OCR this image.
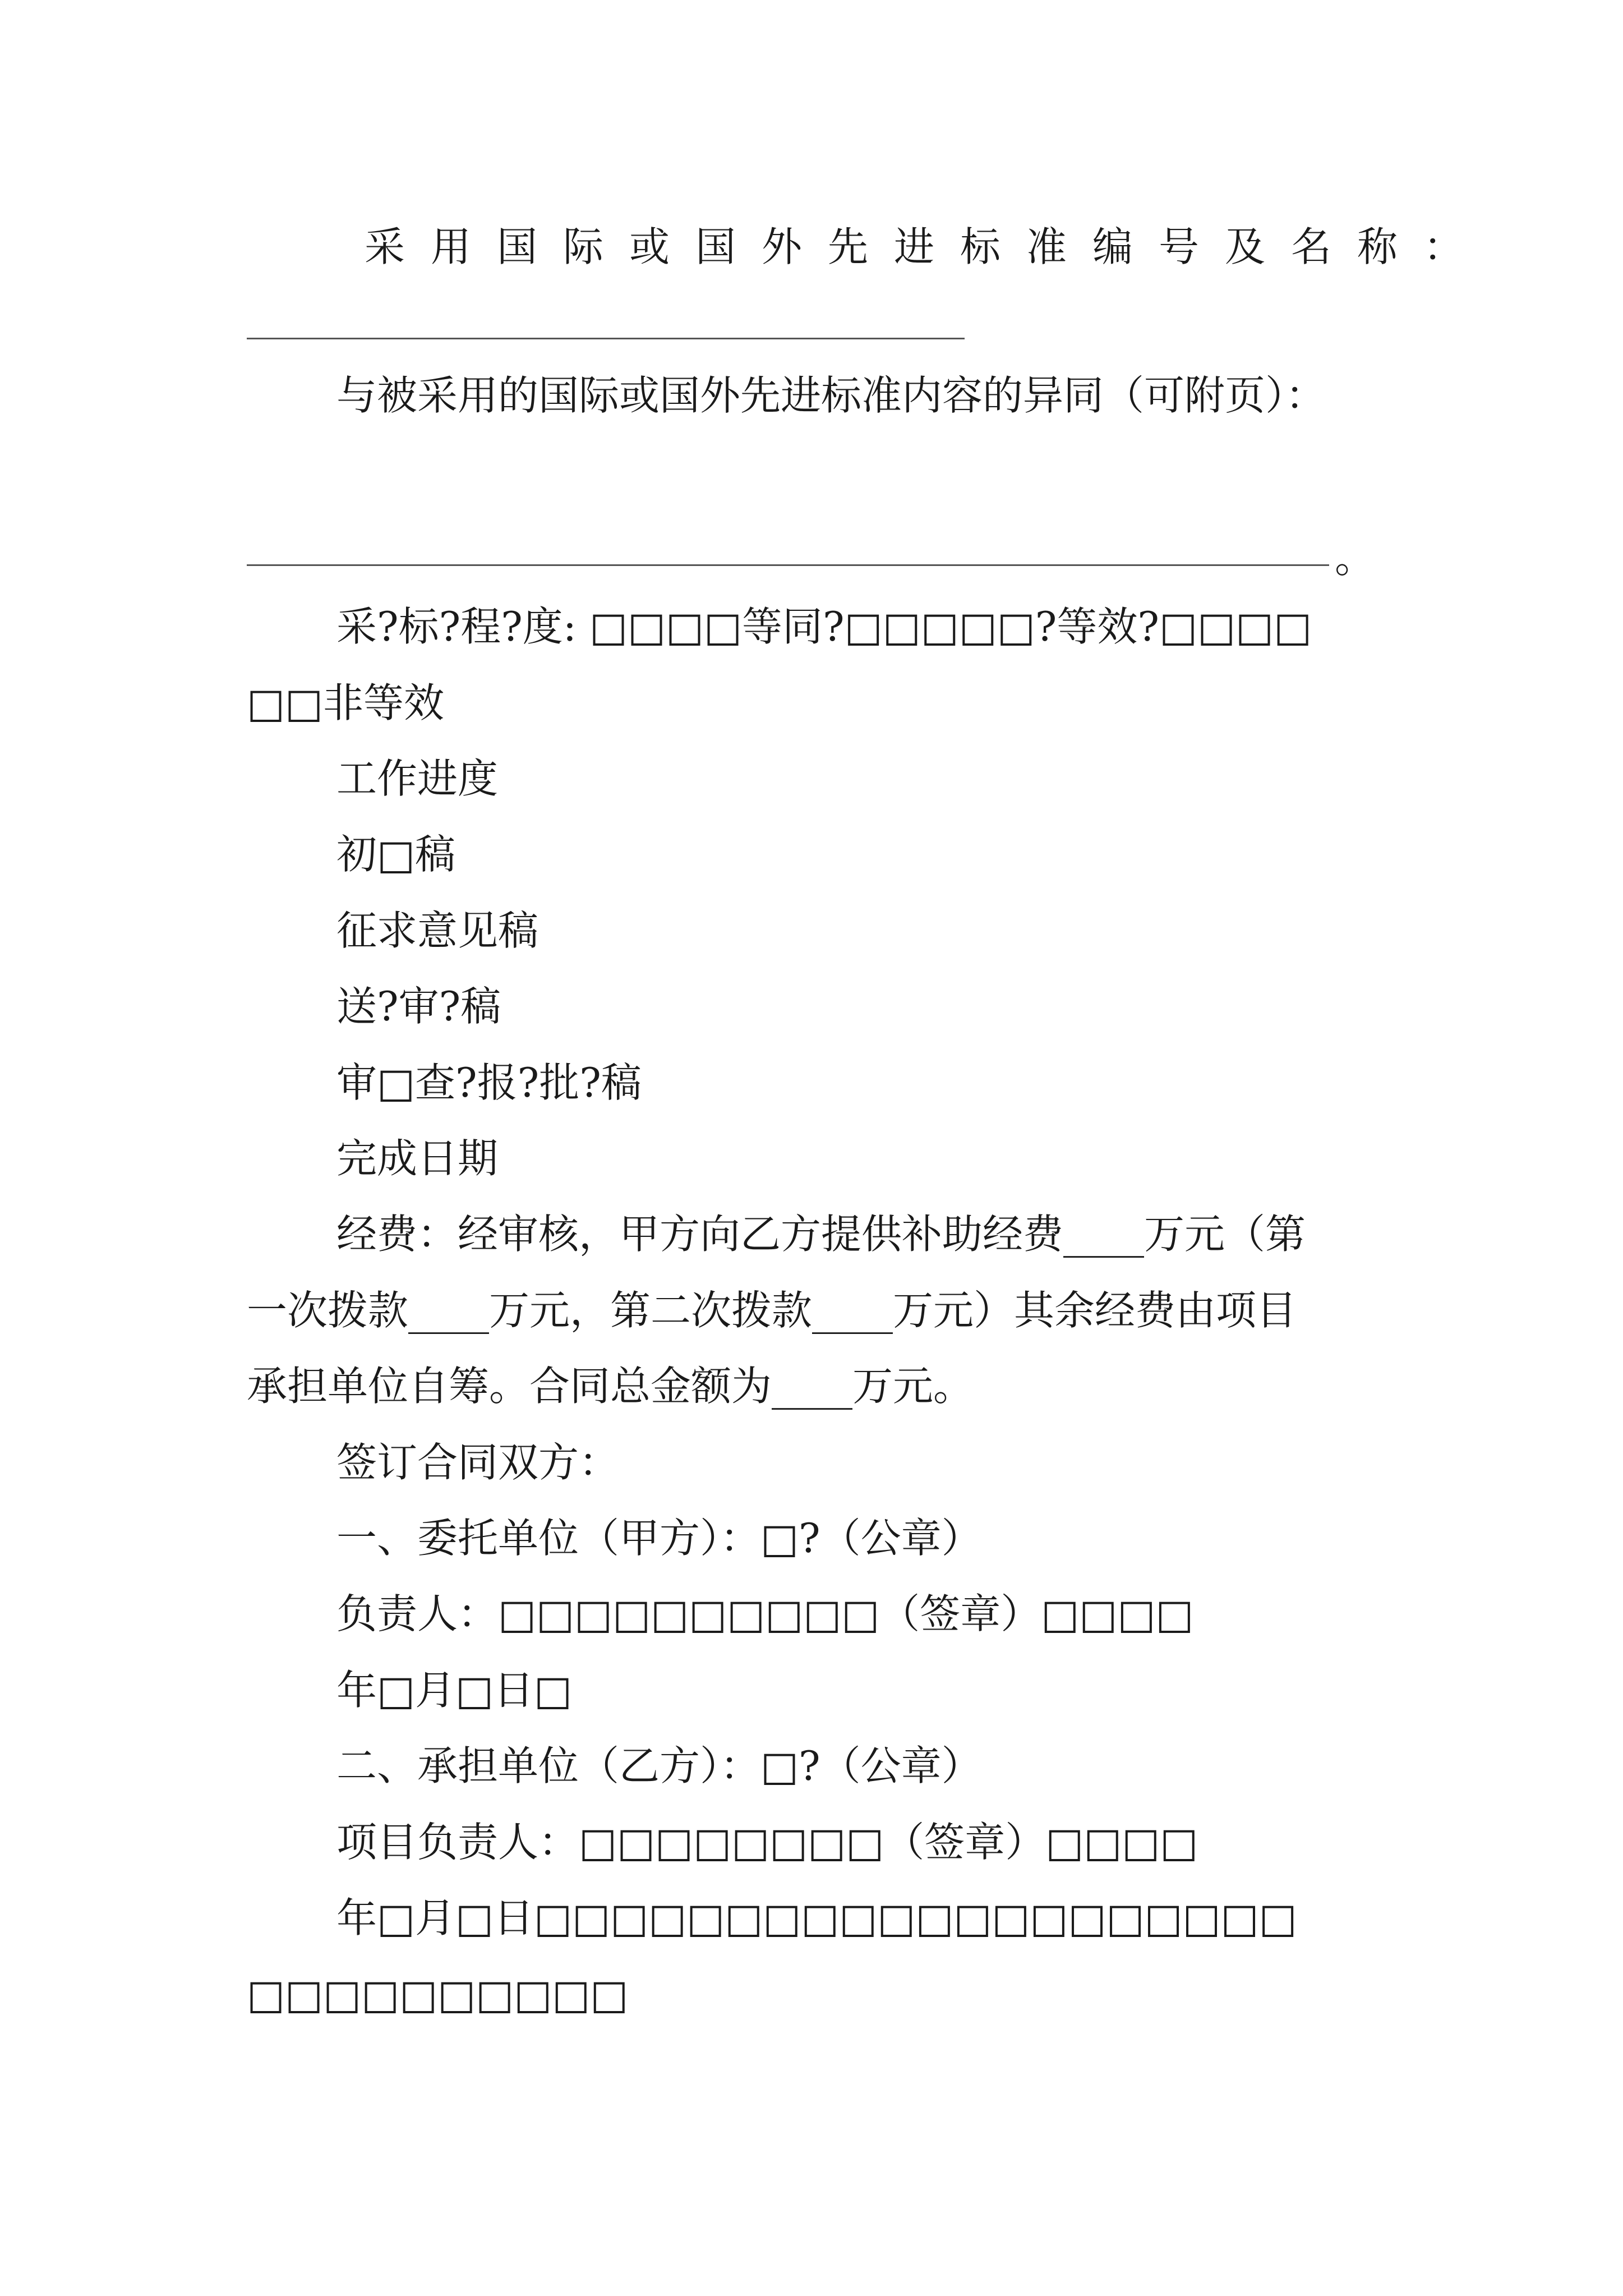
采用国际或国外先进标准编号及名称：
与被采用的国际或国外先进标准内容的异同（可附页）：
。
采?标?程?度: □□□□等同?□□□□□?等效?□□□□
□□非等效
工作进度
初□稿
征求意见稿
送?审?稿
审□查?报?批?稿
完成日期
经费：经审核，甲方向乙方提供补助经费____万元（第
一次拨款____万元，第二次拨款____万元）其余经费由项目
承担单位自筹。合同总金额为____万元。
签订合同双方：
一、委托单位（甲方）：□?（公章）
负责人：□□□□□□□□□□（签章）□□□□
年□月□日□
二、承担单位（乙方）：□?（公章）
项目负责人：□□□□□□□□（签章）□□□□
年□月□日□□□□□□□□□□□□□□□□□□□□
□□□□□□□□□□
